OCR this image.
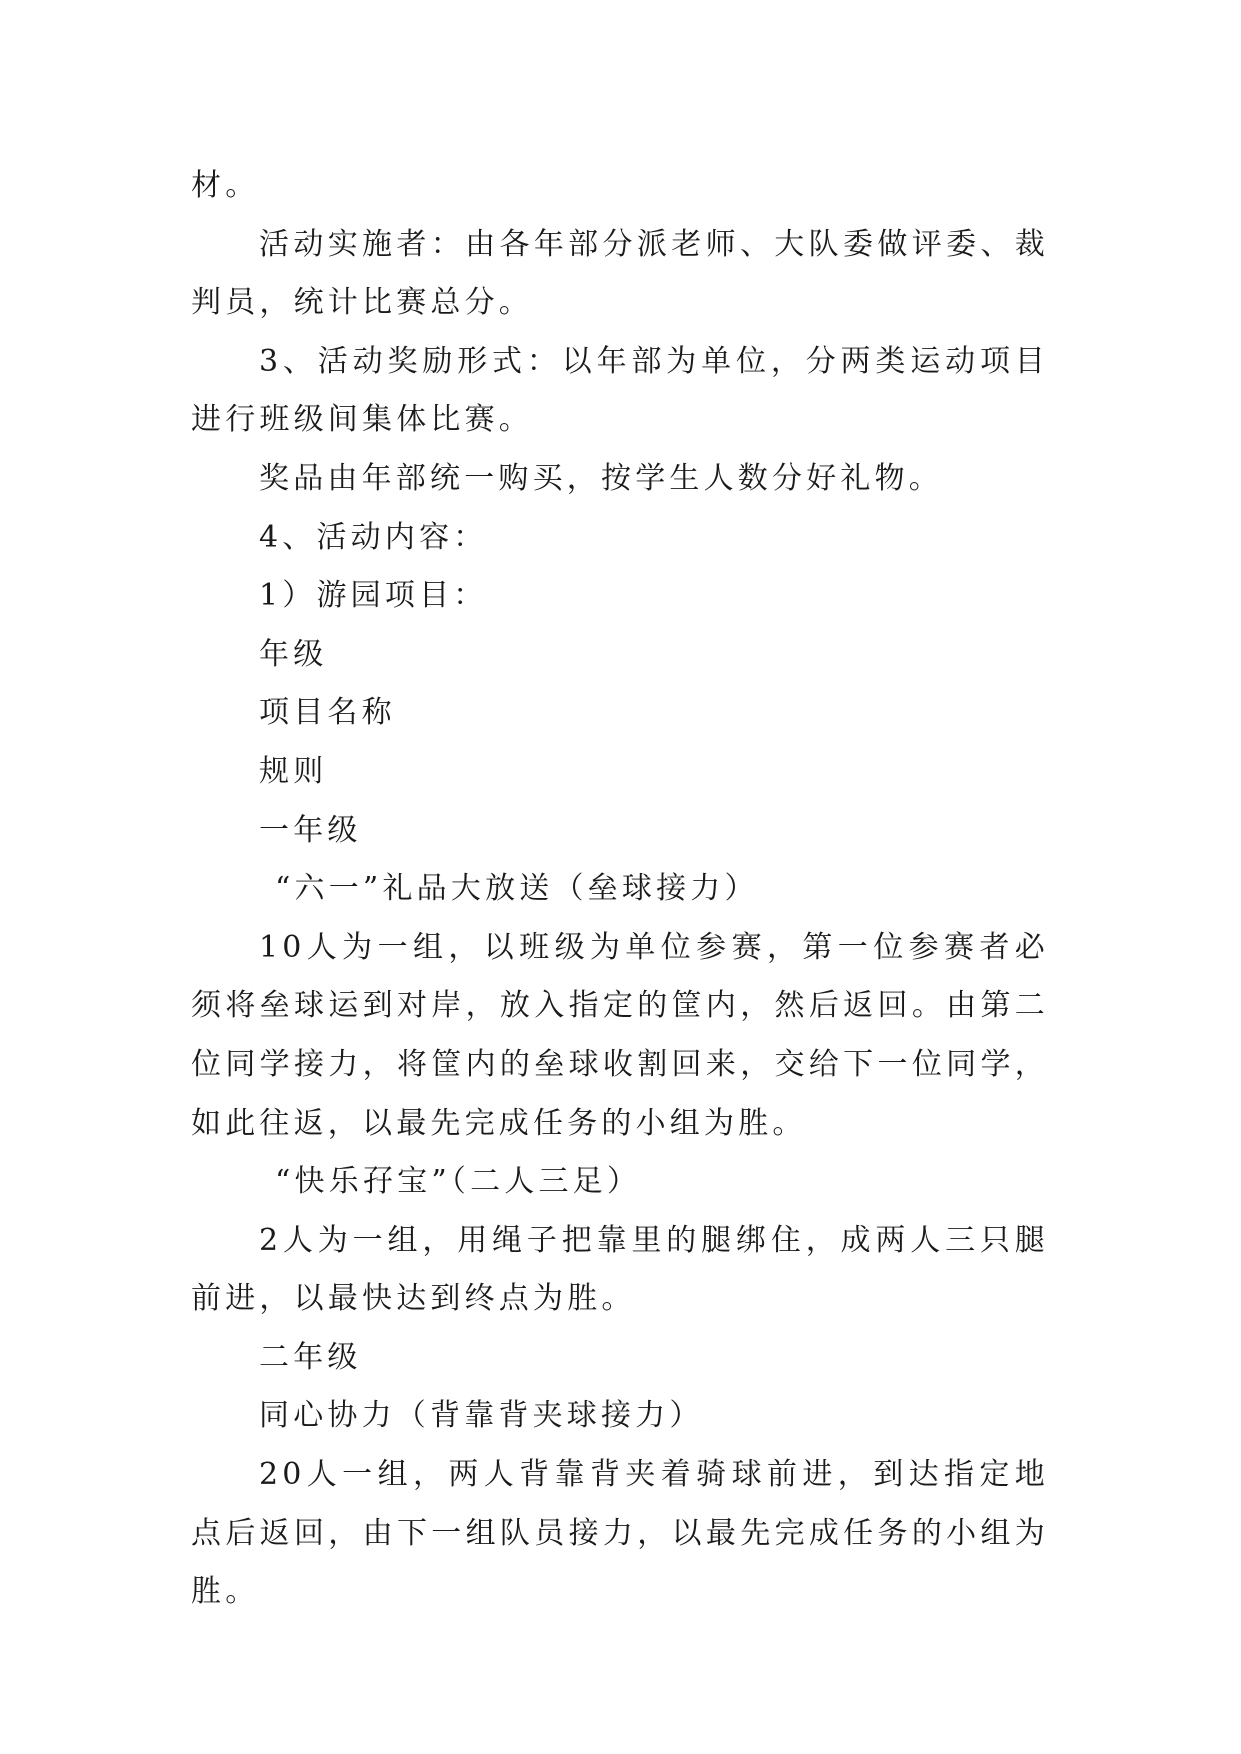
材。

活动实施者：由各年部分派老师、大队委做评委、裁判员，统计比赛总分。

3、活动奖励形式：以年部为单位，分两类运动项目进行班级间集体比赛。

奖品由年部统一购买，按学生人数分好礼物。

4、活动内容：

1）游园项目：

年级

项目名称

规则

一年级

“六一”礼品大放送（垒球接力）

10人为一组，以班级为单位参赛，第一位参赛者必须将垒球运到对岸，放入指定的筐内，然后返回。由第二位同学接力，将筐内的垒球收割回来，交给下一位同学，如此往返，以最先完成任务的小组为胜。

“快乐孖宝”（二人三足）

2人为一组，用绳子把靠里的腿绑住，成两人三只腿前进，以最快达到终点为胜。

二年级

同心协力（背靠背夹球接力）

20人一组，两人背靠背夹着骑球前进，到达指定地点后返回，由下一组队员接力，以最先完成任务的小组为胜。
